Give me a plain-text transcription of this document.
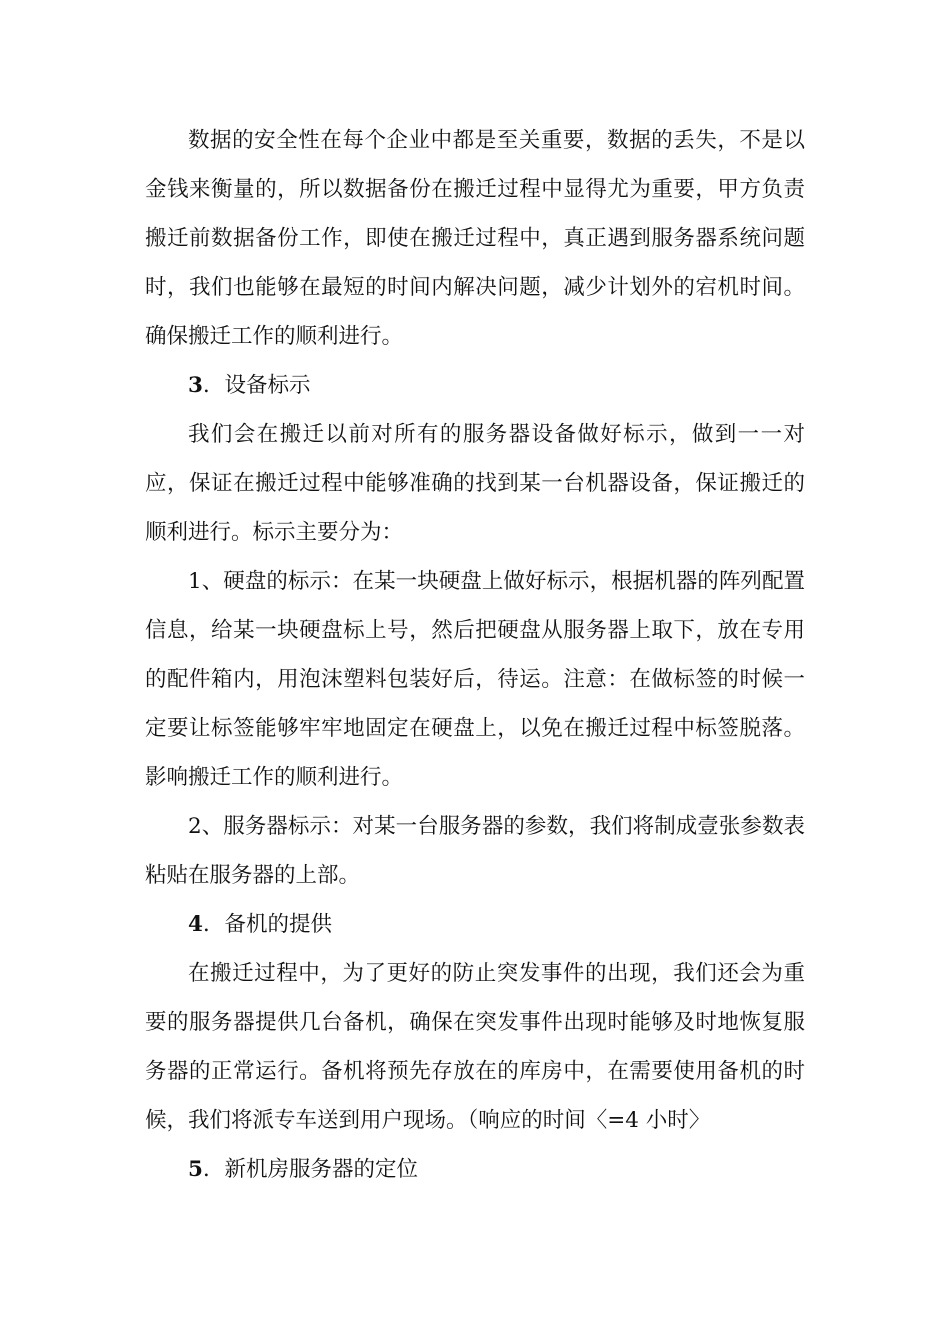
数据的安全性在每个企业中都是至关重要，数据的丢失，不是以金钱来衡量的，所以数据备份在搬迁过程中显得尤为重要，甲方负责搬迁前数据备份工作，即使在搬迁过程中，真正遇到服务器系统问题时，我们也能够在最短的时间内解决问题，减少计划外的宕机时间。确保搬迁工作的顺利进行。

3．设备标示

我们会在搬迁以前对所有的服务器设备做好标示，做到一一对应，保证在搬迁过程中能够准确的找到某一台机器设备，保证搬迁的顺利进行。标示主要分为：

1、硬盘的标示：在某一块硬盘上做好标示，根据机器的阵列配置信息，给某一块硬盘标上号，然后把硬盘从服务器上取下，放在专用的配件箱内，用泡沫塑料包装好后，待运。注意：在做标签的时候一定要让标签能够牢牢地固定在硬盘上，以免在搬迁过程中标签脱落。影响搬迁工作的顺利进行。

2、服务器标示：对某一台服务器的参数，我们将制成壹张参数表粘贴在服务器的上部。

4．备机的提供

在搬迁过程中，为了更好的防止突发事件的出现，我们还会为重要的服务器提供几台备机，确保在突发事件出现时能够及时地恢复服务器的正常运行。备机将预先存放在的库房中，在需要使用备机的时候，我们将派专车送到用户现场。（响应的时间〈=4 小时〉

5．新机房服务器的定位
